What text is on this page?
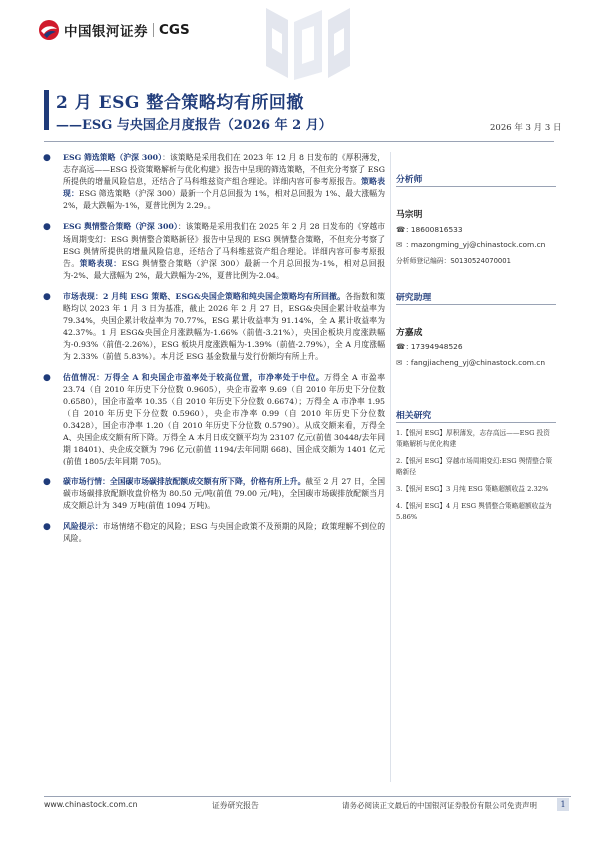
中国银河证券 CGS
2 月 ESG 整合策略均有所回撤
——ESG 与央国企月度报告（2026 年 2 月）	2026 年 3 月 3 日
● ESG 筛选策略（沪深 300）：该策略是采用我们在 2023 年 12 月 8 日发布的《厚积薄发，志存高远——ESG 投资策略解析与优化构建》报告中呈现的筛选策略，不但充分考察了 ESG 所提供的增量风险信息，还结合了马科维兹资产组合理论。详细内容可参考原报告。策略表现：ESG 筛选策略（沪深 300）最新一个月总回报为 1%，相对总回报为 1%、最大涨幅为 2%，最大跌幅为-1%，夏普比例为 2.29。。
● ESG 舆情整合策略（沪深 300）：该策略是采用我们在 2025 年 2 月 28 日发布的《穿越市场周期变幻：ESG 舆情整合策略新径》报告中呈现的 ESG 舆情整合策略，不但充分考察了 ESG 舆情所提供的增量风险信息，还结合了马科维兹资产组合理论。详细内容可参考原报告。策略表现：ESG 舆情整合策略（沪深 300）最新一个月总回报为-1%，相对总回报为-2%、最大涨幅为 2%，最大跌幅为-2%，夏普比例为-2.04。
● 市场表现：2 月纯 ESG 策略、ESG&央国企策略和纯央国企策略均有所回撤。各指数和策略均以 2023 年 1 月 3 日为基准，截止 2026 年 2 月 27 日，ESG&央国企累计收益率为 79.34%，央国企累计收益率为 70.77%，ESG 累计收益率为 91.14%，全 A 累计收益率为 42.37%。1 月 ESG&央国企月涨跌幅为-1.66%（前值-3.21%），央国企板块月度涨跌幅为-0.93%（前值-2.26%），ESG 板块月度涨跌幅为-1.39%（前值-2.79%），全 A 月度涨幅为 2.33%（前值 5.83%）。本月泛 ESG 基金数量与发行份额均有所上升。
● 估值情况：万得全 A 和央国企市盈率处于较高位置，市净率处于中位。万得全 A 市盈率 23.74（自 2010 年历史下分位数 0.9605），央企市盈率 9.69（自 2010 年历史下分位数 0.6580），国企市盈率 10.35（自 2010 年历史下分位数 0.6674）；万得全 A 市净率 1.95（自 2010 年历史下分位数 0.5960），央企市净率 0.99（自 2010 年历史下分位数 0.3428），国企市净率 1.20（自 2010 年历史下分位数 0.5790）。从成交额来看，万得全 A、央国企成交额有所下降。万得全 A 本月日成交额平均为 23107 亿元(前值 30448/去年同期 18401)、央企成交额为 796 亿元(前值 1194/去年同期 668)、国企成交额为 1401 亿元(前值 1805/去年同期 705)。
● 碳市场行情：全国碳市场碳排放配额成交额有所下降，价格有所上升。截至 2 月 27 日，全国碳市场碳排放配额收盘价格为 80.50 元/吨(前值 79.00 元/吨)，全国碳市场碳排放配额当月成交额总计为 349 万吨(前值 1094 万吨)。
● 风险提示：市场情绪不稳定的风险；ESG 与央国企政策不及预期的风险；政策理解不到位的风险。
分析师
马宗明
☎: 18600816533
✉ : mazongming_yj@chinastock.com.cn
分析师登记编码：S0130524070001
研究助理
方嘉成
☎: 17394948526
✉ : fangjiacheng_yj@chinastock.com.cn
相关研究

1.【银河 ESG】厚积薄发，志存高远——ESG 投资策略解析与优化构建

2.【银河 ESG】穿越市场周期变幻:ESG 舆情整合策略新径

3.【银河 ESG】3 月纯 ESG 策略超额收益 2.32%

4.【银河 ESG】4 月 ESG 舆情整合策略超额收益为 5.86%

www.chinastock.com.cn	证券研究报告	请务必阅读正文最后的中国银河证券股份有限公司免责声明	1
